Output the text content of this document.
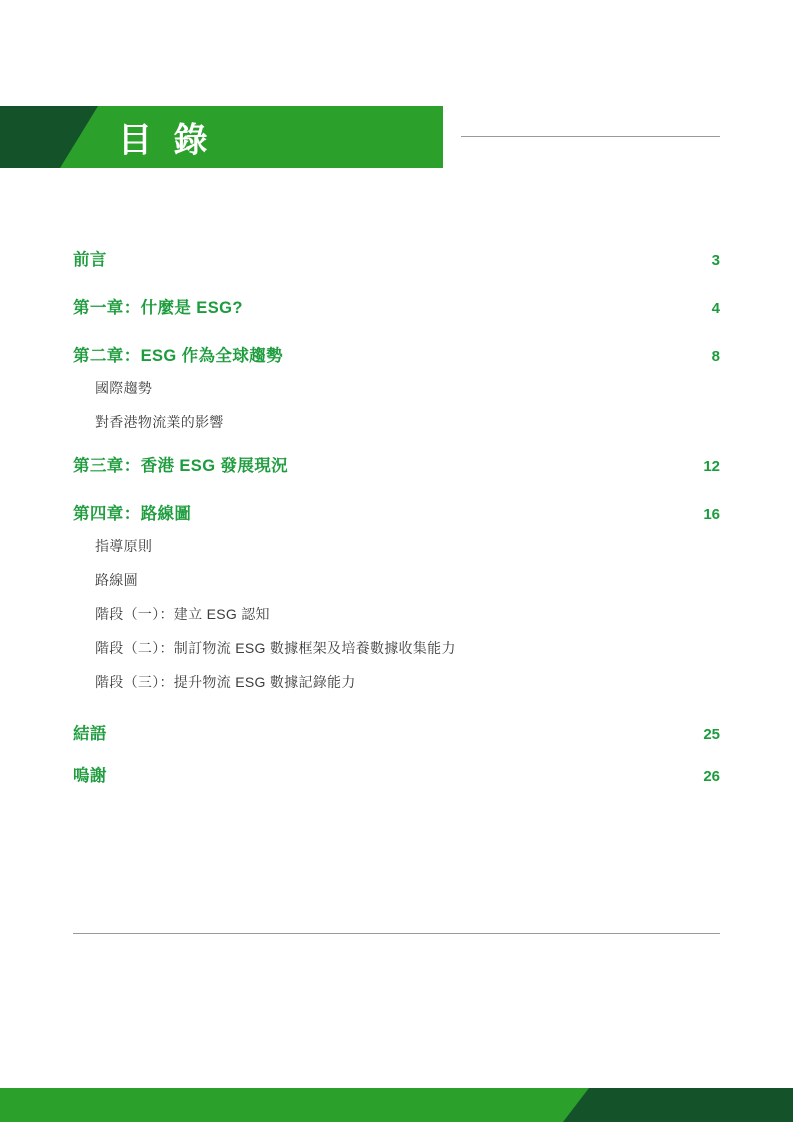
目 錄
前言	3
第一章：什麼是 ESG?	4
第二章：ESG 作為全球趨勢	8
國際趨勢
對香港物流業的影響
第三章：香港 ESG 發展現況	12
第四章：路線圖	16
指導原則
路線圖
階段（一）：建立 ESG 認知
階段（二）：制訂物流 ESG 數據框架及培養數據收集能力
階段（三）：提升物流 ESG 數據記錄能力
結語	25
嗚謝	26
